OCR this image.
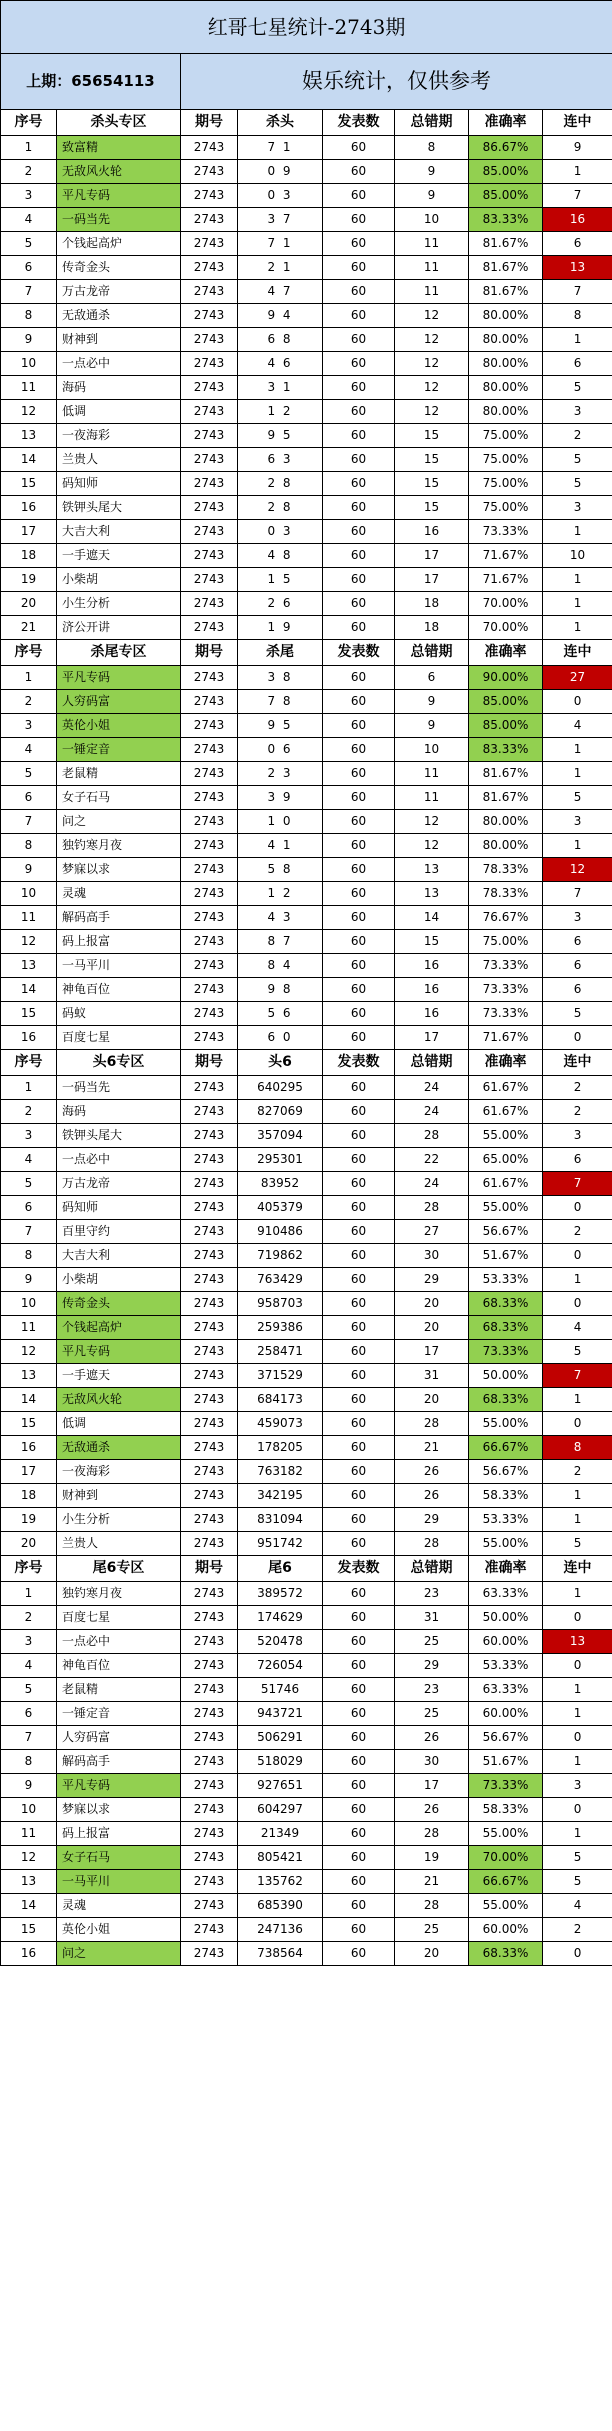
红哥七星统计-2743期							
上期：65654113		娱乐统计，仅供参考					
序号	杀头专区	期号	杀头	发表数	总错期	准确率	连中
1	致富精	2743	7 1	60	8	86.67%	9
2	无敌风火轮	2743	0 9	60	9	85.00%	1
3	平凡专码	2743	0 3	60	9	85.00%	7
4	一码当先	2743	3 7	60	10	83.33%	16
5	个钱起高炉	2743	7 1	60	11	81.67%	6
6	传奇金头	2743	2 1	60	11	81.67%	13
7	万古龙帝	2743	4 7	60	11	81.67%	7
8	无敌通杀	2743	9 4	60	12	80.00%	8
9	财神到	2743	6 8	60	12	80.00%	1
10	一点必中	2743	4 6	60	12	80.00%	6
11	海码	2743	3 1	60	12	80.00%	5
12	低调	2743	1 2	60	12	80.00%	3
13	一夜海彩	2743	9 5	60	15	75.00%	2
14	兰贵人	2743	6 3	60	15	75.00%	5
15	码知师	2743	2 8	60	15	75.00%	5
16	铁钾头尾大	2743	2 8	60	15	75.00%	3
17	大吉大利	2743	0 3	60	16	73.33%	1
18	一手遮天	2743	4 8	60	17	71.67%	10
19	小柴胡	2743	1 5	60	17	71.67%	1
20	小生分析	2743	2 6	60	18	70.00%	1
21	济公开讲	2743	1 9	60	18	70.00%	1
序号	杀尾专区	期号	杀尾	发表数	总错期	准确率	连中
1	平凡专码	2743	3 8	60	6	90.00%	27
2	人穷码富	2743	7 8	60	9	85.00%	0
3	英伦小姐	2743	9 5	60	9	85.00%	4
4	一锤定音	2743	0 6	60	10	83.33%	1
5	老鼠精	2743	2 3	60	11	81.67%	1
6	女子石马	2743	3 9	60	11	81.67%	5
7	问之	2743	1 0	60	12	80.00%	3
8	独钓寒月夜	2743	4 1	60	12	80.00%	1
9	梦寐以求	2743	5 8	60	13	78.33%	12
10	灵魂	2743	1 2	60	13	78.33%	7
11	解码高手	2743	4 3	60	14	76.67%	3
12	码上报富	2743	8 7	60	15	75.00%	6
13	一马平川	2743	8 4	60	16	73.33%	6
14	神龟百位	2743	9 8	60	16	73.33%	6
15	码蚁	2743	5 6	60	16	73.33%	5
16	百度七星	2743	6 0	60	17	71.67%	0
序号	头6专区	期号	头6	发表数	总错期	准确率	连中
1	一码当先	2743	640295	60	24	61.67%	2
2	海码	2743	827069	60	24	61.67%	2
3	铁钾头尾大	2743	357094	60	28	55.00%	3
4	一点必中	2743	295301	60	22	65.00%	6
5	万古龙帝	2743	83952	60	24	61.67%	7
6	码知师	2743	405379	60	28	55.00%	0
7	百里守约	2743	910486	60	27	56.67%	2
8	大吉大利	2743	719862	60	30	51.67%	0
9	小柴胡	2743	763429	60	29	53.33%	1
10	传奇金头	2743	958703	60	20	68.33%	0
11	个钱起高炉	2743	259386	60	20	68.33%	4
12	平凡专码	2743	258471	60	17	73.33%	5
13	一手遮天	2743	371529	60	31	50.00%	7
14	无敌风火轮	2743	684173	60	20	68.33%	1
15	低调	2743	459073	60	28	55.00%	0
16	无敌通杀	2743	178205	60	21	66.67%	8
17	一夜海彩	2743	763182	60	26	56.67%	2
18	财神到	2743	342195	60	26	58.33%	1
19	小生分析	2743	831094	60	29	53.33%	1
20	兰贵人	2743	951742	60	28	55.00%	5
序号	尾6专区	期号	尾6	发表数	总错期	准确率	连中
1	独钓寒月夜	2743	389572	60	23	63.33%	1
2	百度七星	2743	174629	60	31	50.00%	0
3	一点必中	2743	520478	60	25	60.00%	13
4	神龟百位	2743	726054	60	29	53.33%	0
5	老鼠精	2743	51746	60	23	63.33%	1
6	一锤定音	2743	943721	60	25	60.00%	1
7	人穷码富	2743	506291	60	26	56.67%	0
8	解码高手	2743	518029	60	30	51.67%	1
9	平凡专码	2743	927651	60	17	73.33%	3
10	梦寐以求	2743	604297	60	26	58.33%	0
11	码上报富	2743	21349	60	28	55.00%	1
12	女子石马	2743	805421	60	19	70.00%	5
13	一马平川	2743	135762	60	21	66.67%	5
14	灵魂	2743	685390	60	28	55.00%	4
15	英伦小姐	2743	247136	60	25	60.00%	2
16	问之	2743	738564	60	20	68.33%	0
